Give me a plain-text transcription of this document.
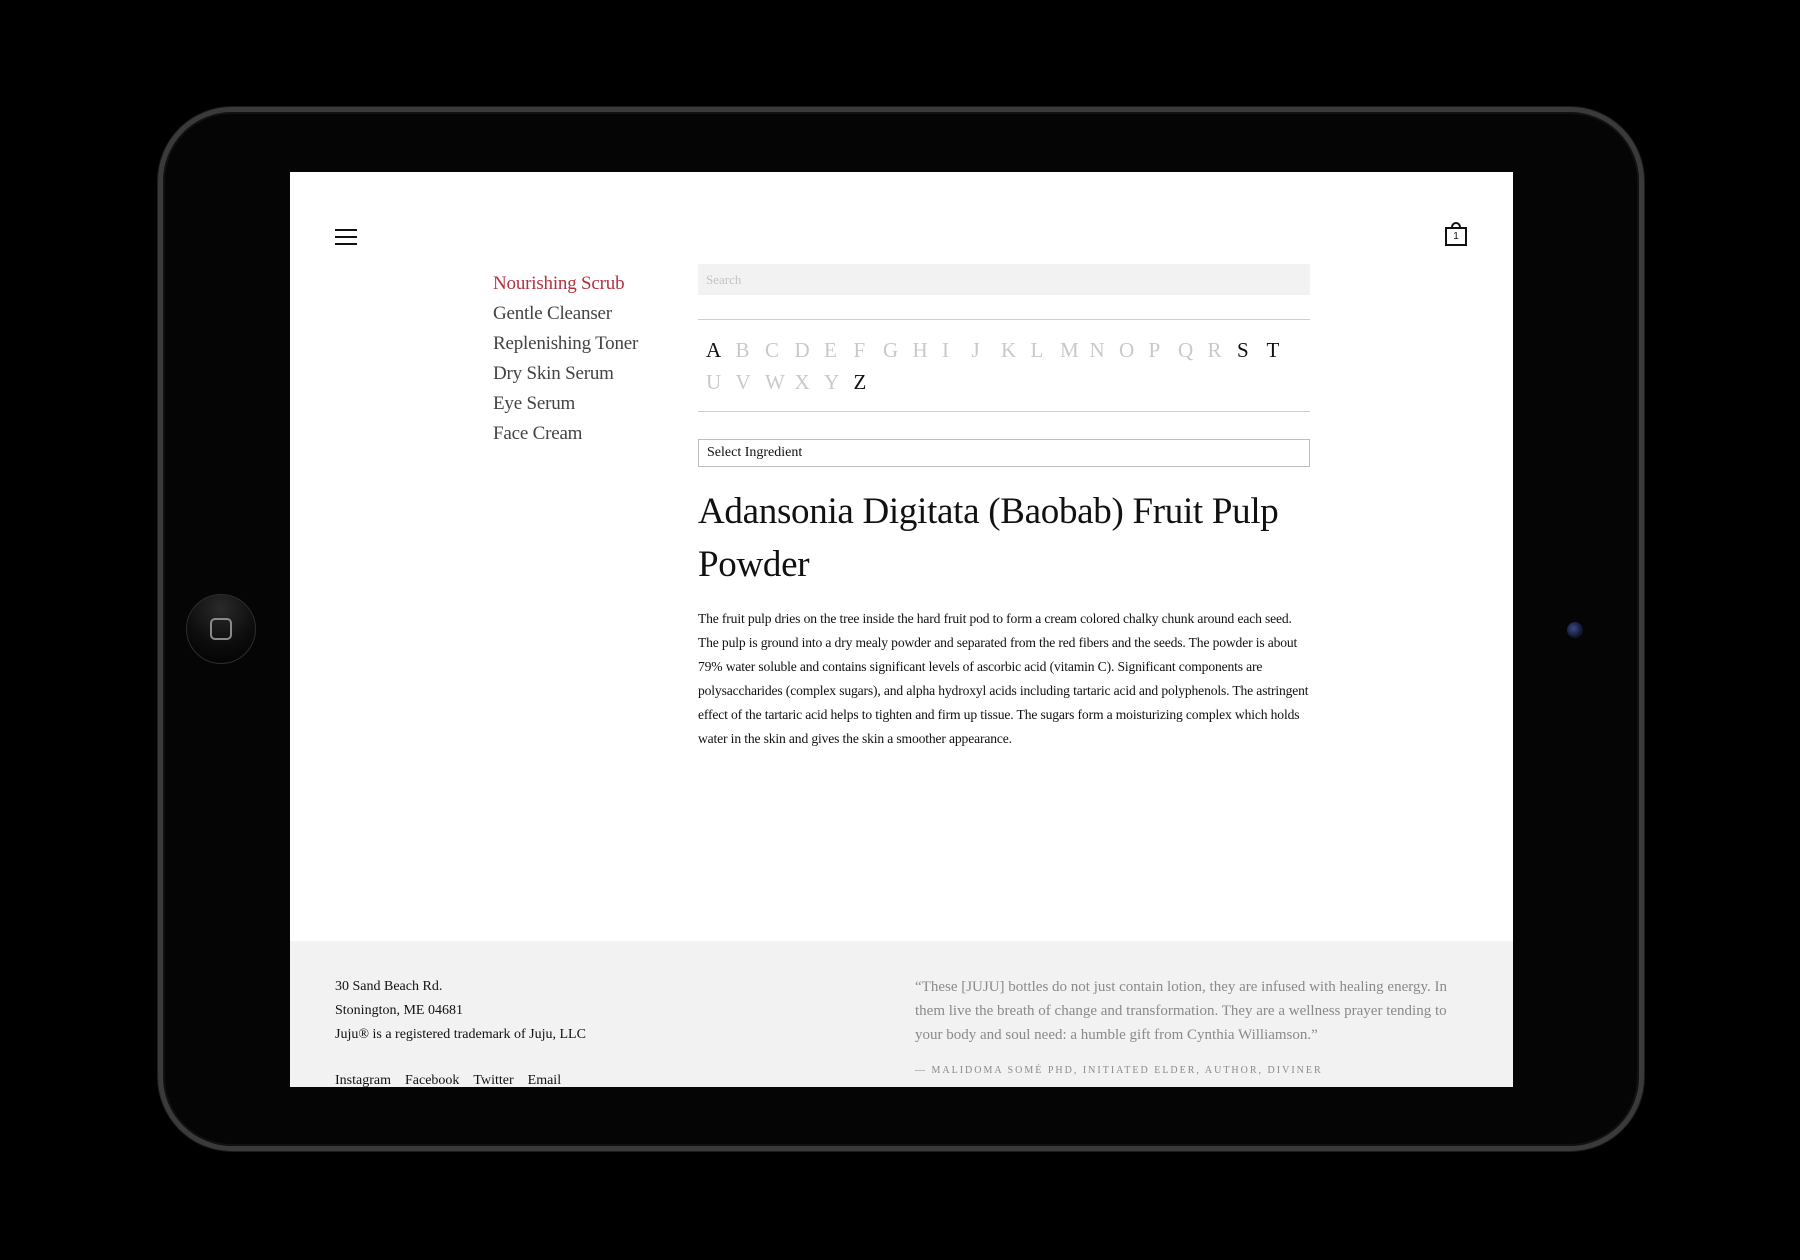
1
Nourishing Scrub
Gentle Cleanser
Replenishing Toner
Dry Skin Serum
Eye Serum
Face Cream
Search
A B C D E F G H I	J	K L M N O P Q R S T
U V W X Y Z
Select Ingredient
Adansonia Digitata (Baobab) Fruit Pulp Powder

The fruit pulp dries on the tree inside the hard fruit pod to form a cream colored chalky chunk around each seed. The pulp is ground into a dry mealy powder and separated from the red fibers and the seeds. The powder is about 79% water soluble and contains significant levels of ascorbic acid (vitamin C). Significant components are polysaccharides (complex sugars), and alpha hydroxyl acids including tartaric acid and polyphenols. The astringent effect of the tartaric acid helps to tighten and firm up tissue. The sugars form a moisturizing complex which holds water in the skin and gives the skin a smoother appearance.

30 Sand Beach Rd.
Stonington, ME 04681
Juju® is a registered trademark of Juju, LLC
Instagram Facebook Twitter Email
“These [JUJU] bottles do not just contain lotion, they are infused with healing energy. In them live the breath of change and transformation. They are a wellness prayer tending to your body and soul need: a humble gift from Cynthia Williamson.”
— MALIDOMA SOMÉ PHD, INITIATED ELDER, AUTHOR, DIVINER
